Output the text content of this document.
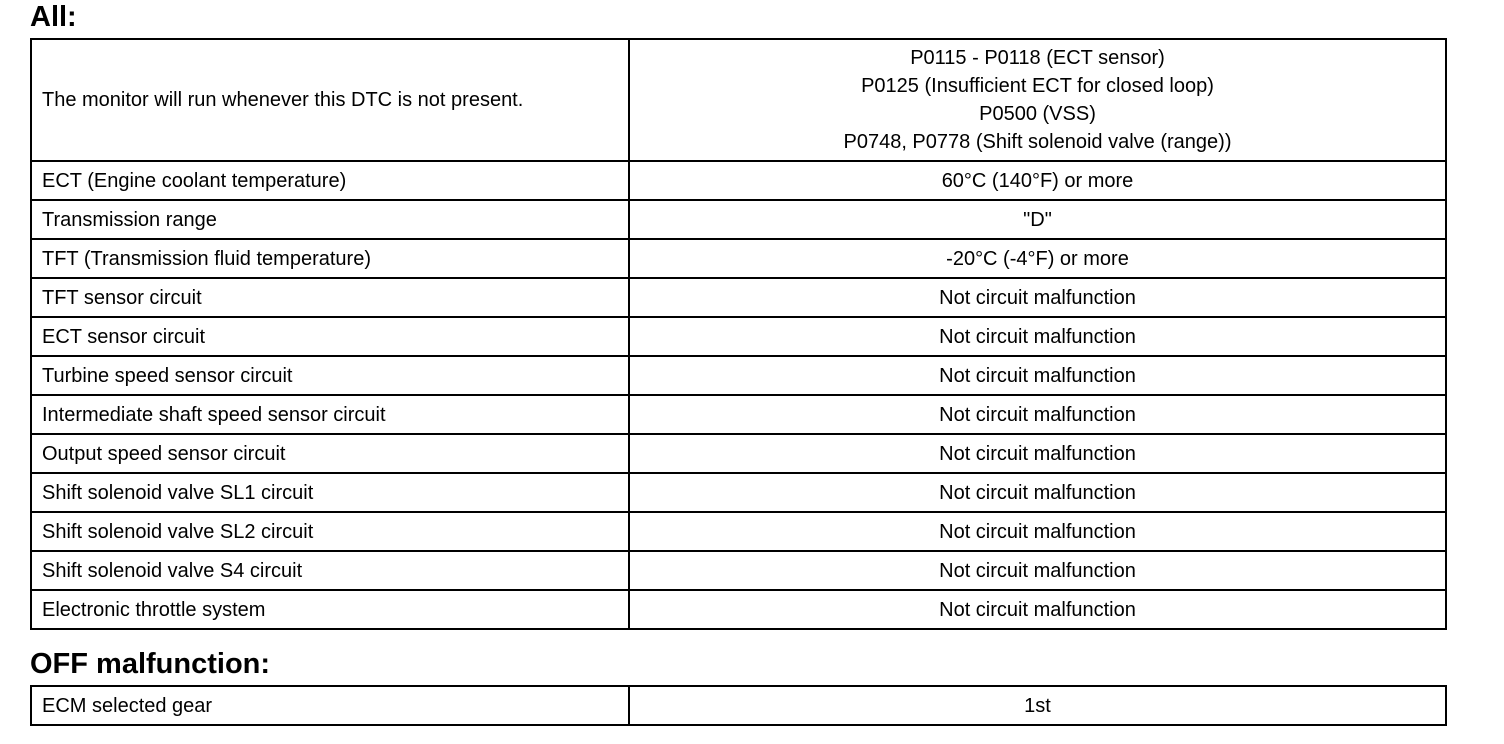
All:
The monitor will run whenever this DTC is not present.	P0115 - P0118 (ECT sensor)
P0125 (Insufficient ECT for closed loop)
P0500 (VSS)
P0748, P0778 (Shift solenoid valve (range))

ECT (Engine coolant temperature)	60°C (140°F) or more
Transmission range	"D"
TFT (Transmission fluid temperature)	-20°C (-4°F) or more
TFT sensor circuit	Not circuit malfunction
ECT sensor circuit	Not circuit malfunction
Turbine speed sensor circuit	Not circuit malfunction
Intermediate shaft speed sensor circuit	Not circuit malfunction
Output speed sensor circuit	Not circuit malfunction
Shift solenoid valve SL1 circuit	Not circuit malfunction
Shift solenoid valve SL2 circuit	Not circuit malfunction
Shift solenoid valve S4 circuit	Not circuit malfunction
Electronic throttle system	Not circuit malfunction
OFF malfunction:
ECM selected gear	1st
